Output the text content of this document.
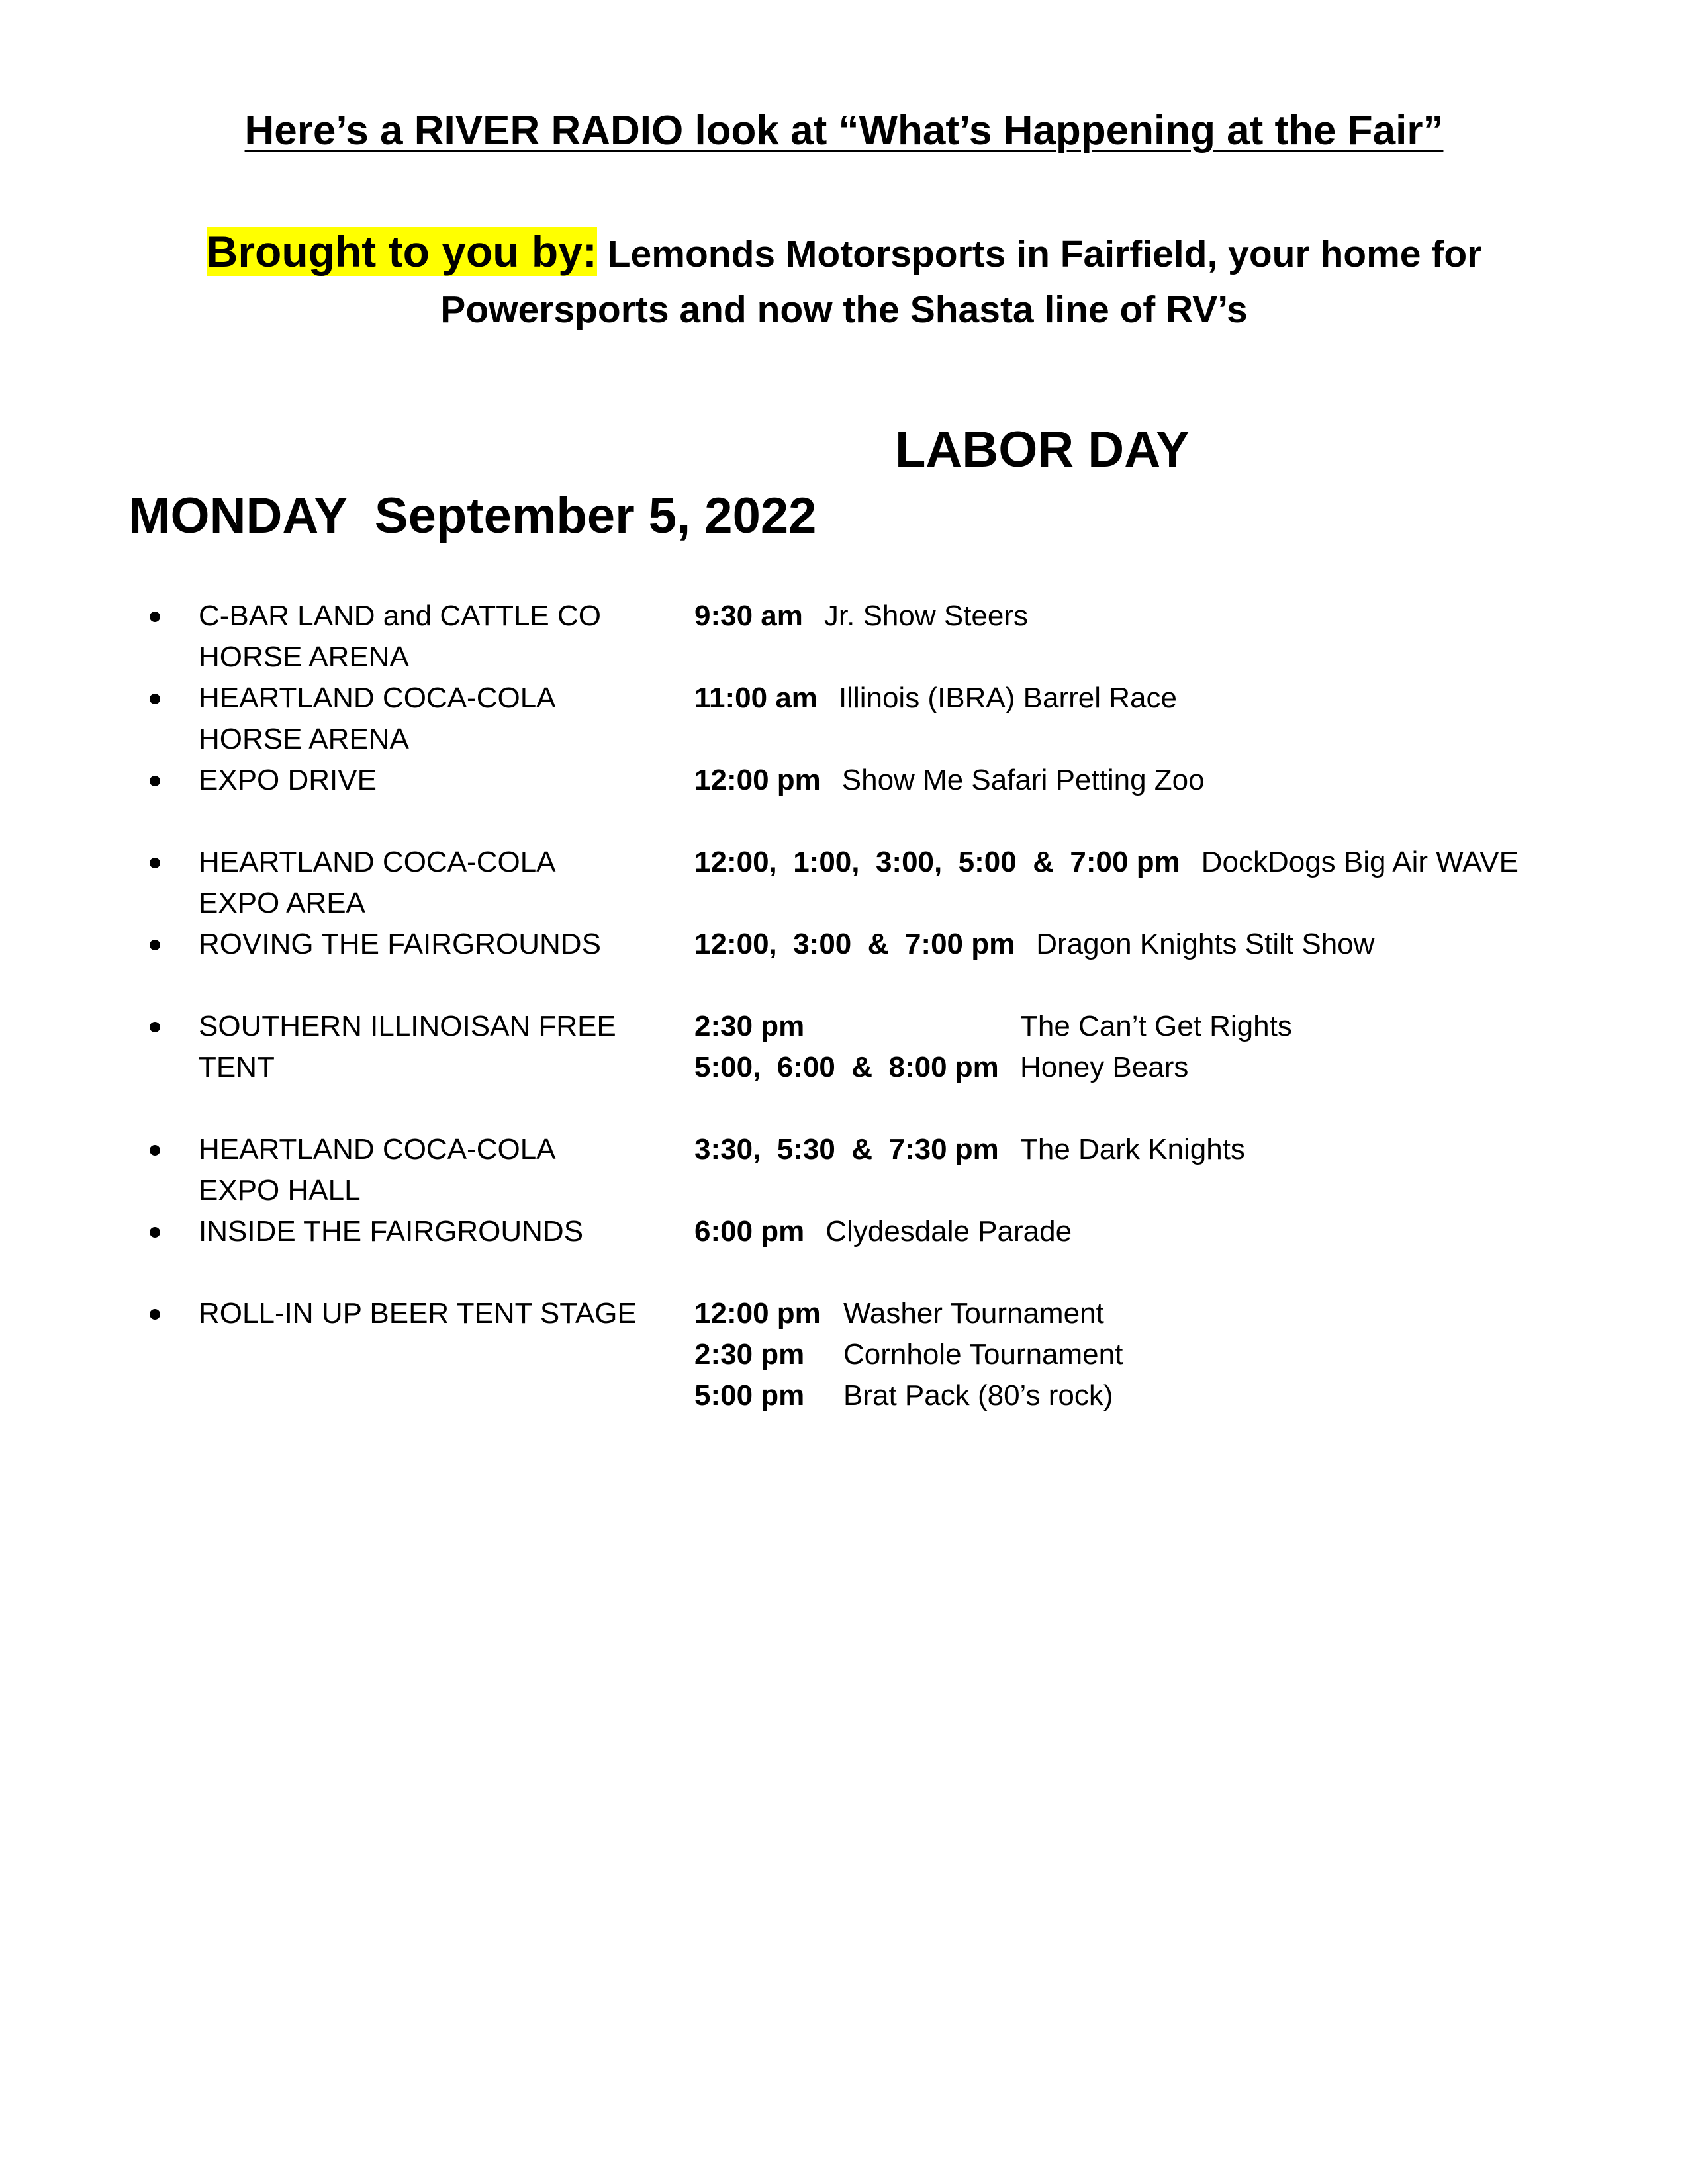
Here’s a RIVER RADIO look at “What’s Happening at the Fair”
Brought to you by: Lemonds Motorsports in Fairfield, your home for Powersports and now the Shasta line of RV’s

MONDAY  September 5, 2022

LABOR DAY

C-BAR LAND and CATTLE CO
HORSE ARENA
9:30 am Jr. Show Steers
HEARTLAND COCA-COLA
HORSE ARENA
11:00 am Illinois (IBRA) Barrel Race
EXPO DRIVE	12:00 pm Show Me Safari Petting Zoo
HEARTLAND COCA-COLA
EXPO AREA
12:00,  1:00,  3:00,  5:00  &  7:00 pm DockDogs Big Air WAVE
ROVING THE FAIRGROUNDS	12:00,  3:00  &  7:00 pm Dragon Knights Stilt Show
SOUTHERN ILLINOISAN FREE TENT
2:30 pm	The Can’t Get Rights
5:00,  6:00  &  8:00 pm Honey Bears
HEARTLAND COCA-COLA
EXPO HALL
3:30,  5:30  &  7:30 pm The Dark Knights
INSIDE THE FAIRGROUNDS	6:00 pm Clydesdale Parade
ROLL-IN UP BEER TENT STAGE	12:00 pm Washer Tournament
2:30 pm	Cornhole Tournament
5:00 pm	Brat Pack (80’s rock)
